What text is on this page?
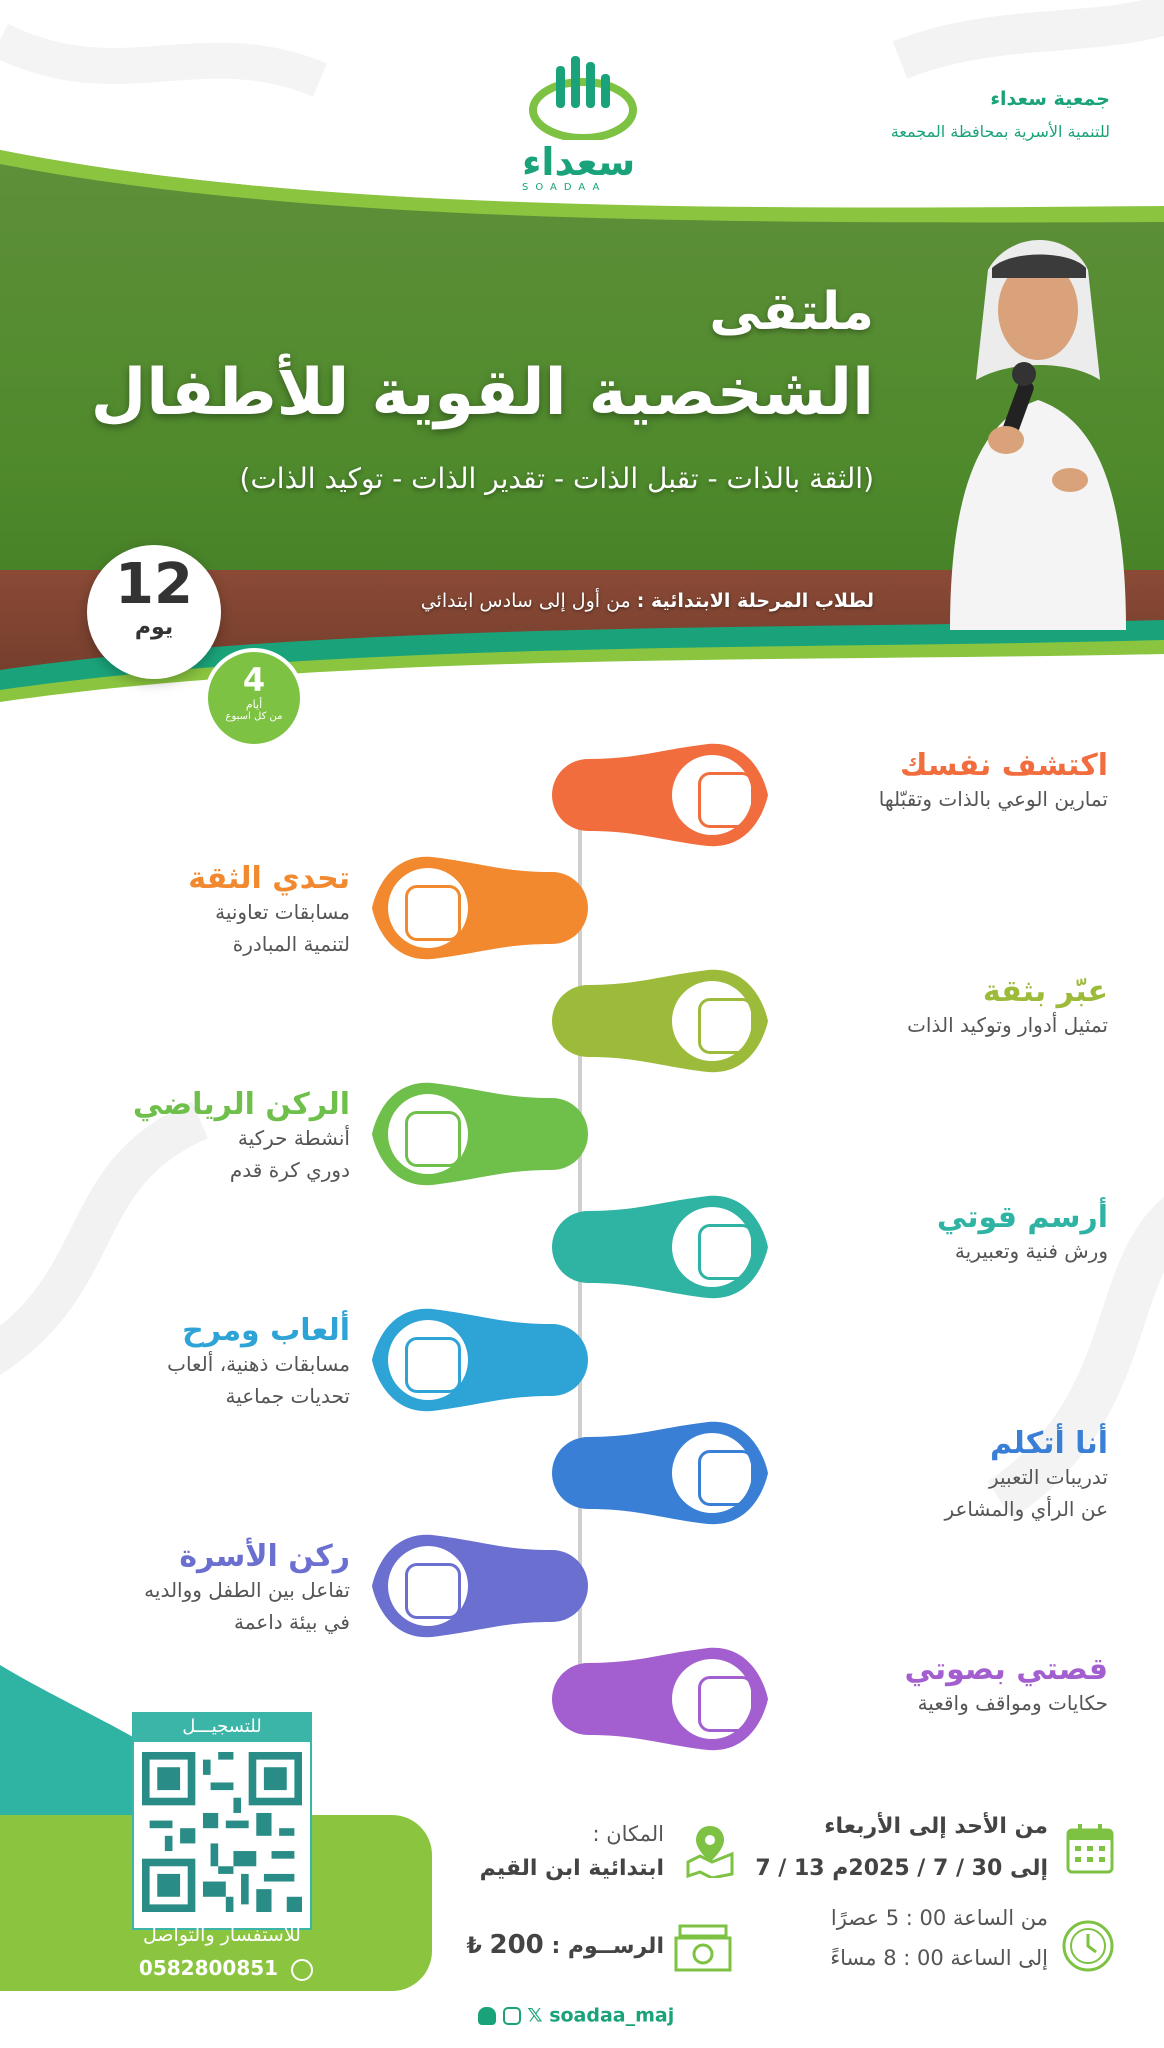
سعداء
SOADAA
جمعية سعداء
للتنمية الأسرية بمحافظة المجمعة
ملتقى
الشخصية القوية للأطفال
(الثقة بالذات - تقبل الذات - تقدير الذات - توكيد الذات)
لطلاب المرحلة الابتدائية : من أول إلى سادس ابتدائي
12
يوم
4
أيام
من كل اسبوع
اكتشف نفسك
تمارين الوعي بالذات وتقبّلها
تحدي الثقة
مسابقات تعاونية
لتنمية المبادرة
عبّر بثقة
تمثيل أدوار وتوكيد الذات
الركن الرياضي
أنشطة حركية
دوري كرة قدم
أرسم قوتي
ورش فنية وتعبيرية
ألعاب ومرح
مسابقات ذهنية، ألعاب
تحديات جماعية
أنا أتكلم
تدريبات التعبير
عن الرأي والمشاعر
ركن الأسرة
تفاعل بين الطفل ووالديه
في بيئة داعمة
قصتي بصوتي
حكايات ومواقف واقعية
للتسجيـــل
للاستفسار والتواصل
0582800851
من الأحد إلى الأربعاء
7 / 13 إلى 30 / 7 / 2025م
من الساعة 00 : 5 عصرًا
إلى الساعة 00 : 8 مساءً
المكان :
ابتدائية ابن القيم
الرســوم : 200 ₺
𝕏 soadaa_maj
